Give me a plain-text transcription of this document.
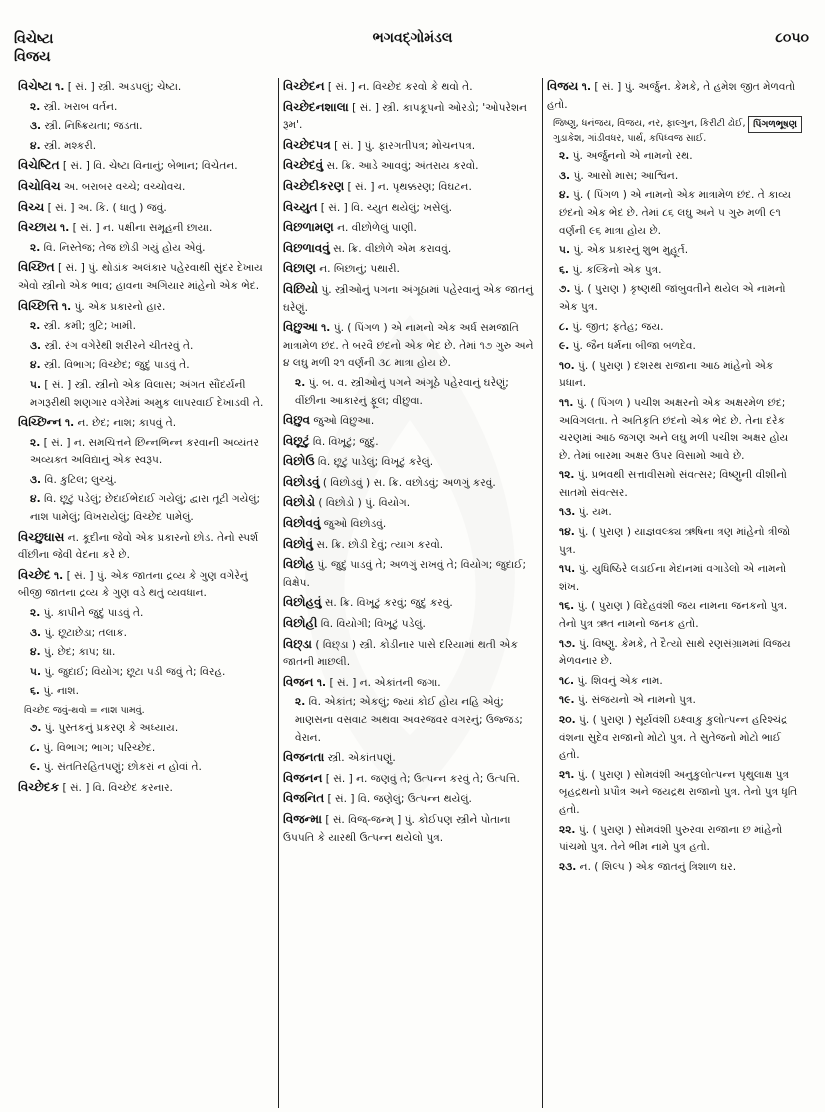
વિચેષ્ટા
વિજય
ભગવદ્ગોમંડલ	૮૦૫૦
વિચેષ્ટા ૧. [ સં. ] સ્ત્રી. અડપલું; ચેષ્ટા.
૨. સ્ત્રી. ખરાબ વર્તન.
૩. સ્ત્રી. નિષ્ક્રિયતા; જડતા.
૪. સ્ત્રી. મશ્કરી.
વિચેષ્ટિત [ સં. ] વિ. ચેષ્ટા વિનાનું; બેભાન; વિચેતન.
વિચોવિચ અ. બરાબર વચ્ચે; વચ્ચોવચ.
વિચ્ચ [ સં. ] અ. કિ. ( ધાતુ ) જવું.
વિચ્છાય ૧. [ સં. ] ન. પક્ષીના સમૂહની છાયા.
૨. વિ. નિસ્તેજ; તેજ છોડી ગયું હોય એવું.
વિચ્છિત [ સં. ] પું. થોડાંક અલંકાર પહેરવાથી સુંદર દેખાય એવો સ્ત્રીનો એક ભાવ; હાવના અગિયાર માંહેનો એક ભેદ.
વિચ્છિત્તિ ૧. પું. એક પ્રકારનો હાર.
૨. સ્ત્રી. કમી; ત્રુટિ; ખામી.
૩. સ્ત્રી. રંગ વગેરેથી શરીરને ચીતરવું તે.
૪. સ્ત્રી. વિભાગ; વિચ્છેદ; જુદું પાડવું તે.
૫. [ સં. ] સ્ત્રી. સ્ત્રીનો એક વિલાસ; અંગત સૌંદર્યની મગરૂરીથી શણગાર વગેરેમાં અમુક લાપરવાઈ દેખાડવી તે.
વિચ્છિન્ન ૧. ન. છેદ; નાશ; કાપવું તે.
૨. [ સં. ] ન. સમચિત્તને છિન્નભિન્ન કરવાની અવ્યંતર અવ્યક્ત અવિદ્યાનું એક સ્વરૂપ.
૩. વિ. કુટિલ; લુચ્ચું.
૪. વિ. છૂટું પડેલું; છેદાઈભેદાઈ ગયેલું; દ્વારા તૂટી ગયેલું; નાશ પામેલું; વિખરાયેલું; વિચ્છેદ પામેલું.
વિચ્છુઘાસ ન. કૂદીના જેવો એક પ્રકારનો છોડ. તેનો સ્પર્શ વીંછીના જેવી વેદના કરે છે.
વિચ્છેદ ૧. [ સં. ] પું. એક જાતના દ્રવ્ય કે ગુણ વગેરેનું બીજી જાતના દ્રવ્ય કે ગુણ વડે થતું વ્યવધાન.
૨. પું. કાપીને જુદું પાડવું તે.
૩. પું. છૂટાછેડા; તલાક.
૪. પું. છેદ; કાપ; ઘા.
૫. પું. જુદાઈ; વિયોગ; છૂટા પડી જવું તે; વિરહ.
૬. પું. નાશ.
વિચ્છેદ જવું-થવો = નાશ પામવું.
૭. પું. પુસ્તકનું પ્રકરણ કે અધ્યાય.
૮. પું. વિભાગ; ભાગ; પરિચ્છેદ.
૯. પું. સંતતિરહિતપણું; છોકરાં ન હોવાં તે.
વિચ્છેદક [ સં. ] વિ. વિચ્છેદ કરનાર.
વિચ્છેદન [ સં. ] ન. વિચ્છેદ કરવો કે થવો તે.
વિચ્છેદનશાલા [ સં. ] સ્ત્રી. કાપકૂપનો ઓરડો; 'ઓપરેશન રૂમ'.
વિચ્છેદપત્ર [ સં. ] પું. ફારગતીપત્ર; મોચનપત્ર.
વિચ્છેદવું સ. ક્રિ. આડે આવવું; અંતરાય કરવો.
વિચ્છેદીકરણ [ સં. ] ન. પૃથક્કરણ; વિઘટન.
વિચ્યુત [ સં. ] વિ. ચ્યુત થયેલું; ખસેલું.
વિછળામણ ન. વીછોળેલું પાણી.
વિછળાવવું સ. ક્રિ. વીછોળે એમ કરાવવું.
વિછાણ ન. બિછાનું; પથારી.
વિછિયો પું. સ્ત્રીઓનું પગના અંગૂઠામાં પહેરવાનું એક જાતનું ઘરેણું.
વિછુઆ ૧. પું. ( પિંગળ ) એ નામનો એક અર્ધ સમજાતિ માત્રામેળ છંદ. તે બરવૈ છંદનો એક ભેદ છે. તેમાં ૧૭ ગુરુ અને ૪ લઘુ મળી ૨૧ વર્ણની ૩૮ માત્રા હોય છે.
૨. પું. બ. વ. સ્ત્રીઓનું પગને અંગૂઠે પહેરવાનું ઘરેણું; વીંછીના આકારનું ફૂલ; વીછુવા.
વિછુવ જુઓ વિછુઆ.
વિછૂટું વિ. વિખૂટું; જુદું.
વિછોઉ વિ. છૂટું પાડેલું; વિખૂટું કરેલું.
વિછોડવું ( વિછોડવું ) સ. ક્રિ. વછોડવું; અળગું કરવું.
વિછોડો ( વિછોડો ) પું. વિયોગ.
વિછોવવું જુઓ વિછોડવું.
વિછોવું સ. ક્રિ. છોડી દેવું; ત્યાગ કરવો.
વિછોહ પું. જુદું પાડવું તે; અળગું રાખવું તે; વિયોગ; જુદાઈ; વિક્ષેપ.
વિછોહવું સ. ક્રિ. વિખૂટું કરવું; જુદું કરવું.
વિછોહી વિ. વિયોગી; વિખૂટું પડેલું.
વિછ્ડા ( વિછ્ડા ) સ્ત્રી. કોડીનાર પાસે દરિયામાં થતી એક જાતની માછલી.
વિજન ૧. [ સં. ] ન. એકાંતની જગા.
૨. વિ. એકાંત; એકલું; જ્યાં કોઈ હોય નહિ એવું; માણસના વસવાટ અથવા અવરજવર વગરનું; ઉજ્જડ; વેરાન.
વિજનતા સ્ત્રી. એકાંતપણું.
વિજનન [ સં. ] ન. જણવું તે; ઉત્પન્ન કરવું તે; ઉત્પત્તિ.
વિજનિત [ સં. ] વિ. જણેલું; ઉત્પન્ન થયેલું.
વિજન્મા [ સં. વિજ્-જન્મ્ ] પું. કોઈપણ સ્ત્રીને પોતાના ઉપપતિ કે યારથી ઉત્પન્ન થયેલો પુત્ર.
વિજય ૧. [ સં. ] પું. અર્જુન. કેમકે, તે હમેશ જીત મેળવતો હતો.
પિંગળભૂષણ
જિષ્ણુ, ધનંજય, વિજય, નર, ફાલ્ગુન, કિરીટી ઢોઈ, ગુડાકેશ, ગાંડીવધર, પાર્થ, કપિધ્વજ સાઈ.
૨. પું. અર્જુનનો એ નામનો રથ.
૩. પું. આસો માસ; આશ્વિન.
૪. પું. ( પિંગળ ) એ નામનો એક માત્રામેળ છંદ. તે કાવ્ય છંદનો એક ભેદ છે. તેમાં ૮૬ લઘુ અને ૫ ગુરુ મળી ૯૧ વર્ણની ૯૬ માત્રા હોય છે.
૫. પું. એક પ્રકારનું શુભ મુહૂર્ત.
૬. પું. કલ્કિનો એક પુત્ર.
૭. પું. ( પુરાણ ) કૃષ્ણથી જાંબુવતીને થયેલ એ નામનો એક પુત્ર.
૮. પું. જીત; ફતેહ; જય.
૯. પું. જૈન ધર્મના બીજા બળદેવ.
૧૦. પું. ( પુરાણ ) દશરથ રાજાના આઠ માંહેનો એક પ્રધાન.
૧૧. પું. ( પિંગળ ) પચીશ અક્ષરનો એક અક્ષરમેળ છંદ; અવિગલતા. તે અતિકૃતિ છંદનો એક ભેદ છે. તેના દરેક ચરણમાં આઠ જગણ અને લઘુ મળી પચીશ અક્ષર હોય છે. તેમાં બારમા અક્ષર ઉપર વિસામો આવે છે.
૧૨. પું. પ્રભવથી સત્તાવીસમો સંવત્સર; વિષ્ણુની વીશીનો સાતમો સંવત્સર.
૧૩. પું. યમ.
૧૪. પું. ( પુરાણ ) યાજ્ઞવલ્ક્ય ઋષિના ત્રણ માંહેનો ત્રીજો પુત્ર.
૧૫. પું. યુધિષ્ઠિરે લડાઈના મેદાનમાં વગાડેલો એ નામનો શંખ.
૧૬. પું. ( પુરાણ ) વિદેહવંશી જય નામના જનકનો પુત્ર. તેનો પુત્ર ઋત નામનો જનક હતો.
૧૭. પું. વિષ્ણુ. કેમકે, તે દૈત્યો સાથે રણસંગ્રામમાં વિજય મેળવનાર છે.
૧૮. પું. શિવનું એક નામ.
૧૯. પું. સંજયનો એ નામનો પુત્ર.
૨૦. પું. ( પુરાણ ) સૂર્યવંશી ઇક્ષ્વાકુ કુલોત્પન્ન હરિશ્ચંદ્ર વંશના સુદેવ રાજાનો મોટો પુત્ર. તે સુતેજનો મોટો ભાઈ હતો.
૨૧. પું. ( પુરાણ ) સોમવંશી અનુકુલોત્પન્ન પૃથુલાક્ષ પુત્ર બૃહદ્રથનો પ્રપૌત્ર અને જયદ્રથ રાજાનો પુત્ર. તેનો પુત્ર ધૃતિ હતો.
૨૨. પું. ( પુરાણ ) સોમવંશી પુરુરવા રાજાના છ માંહેનો પાંચમો પુત્ર. તેને ભીમ નામે પુત્ર હતો.
૨૩. ન. ( શિલ્પ ) એક જાતનું ત્રિશાળ ઘર.
